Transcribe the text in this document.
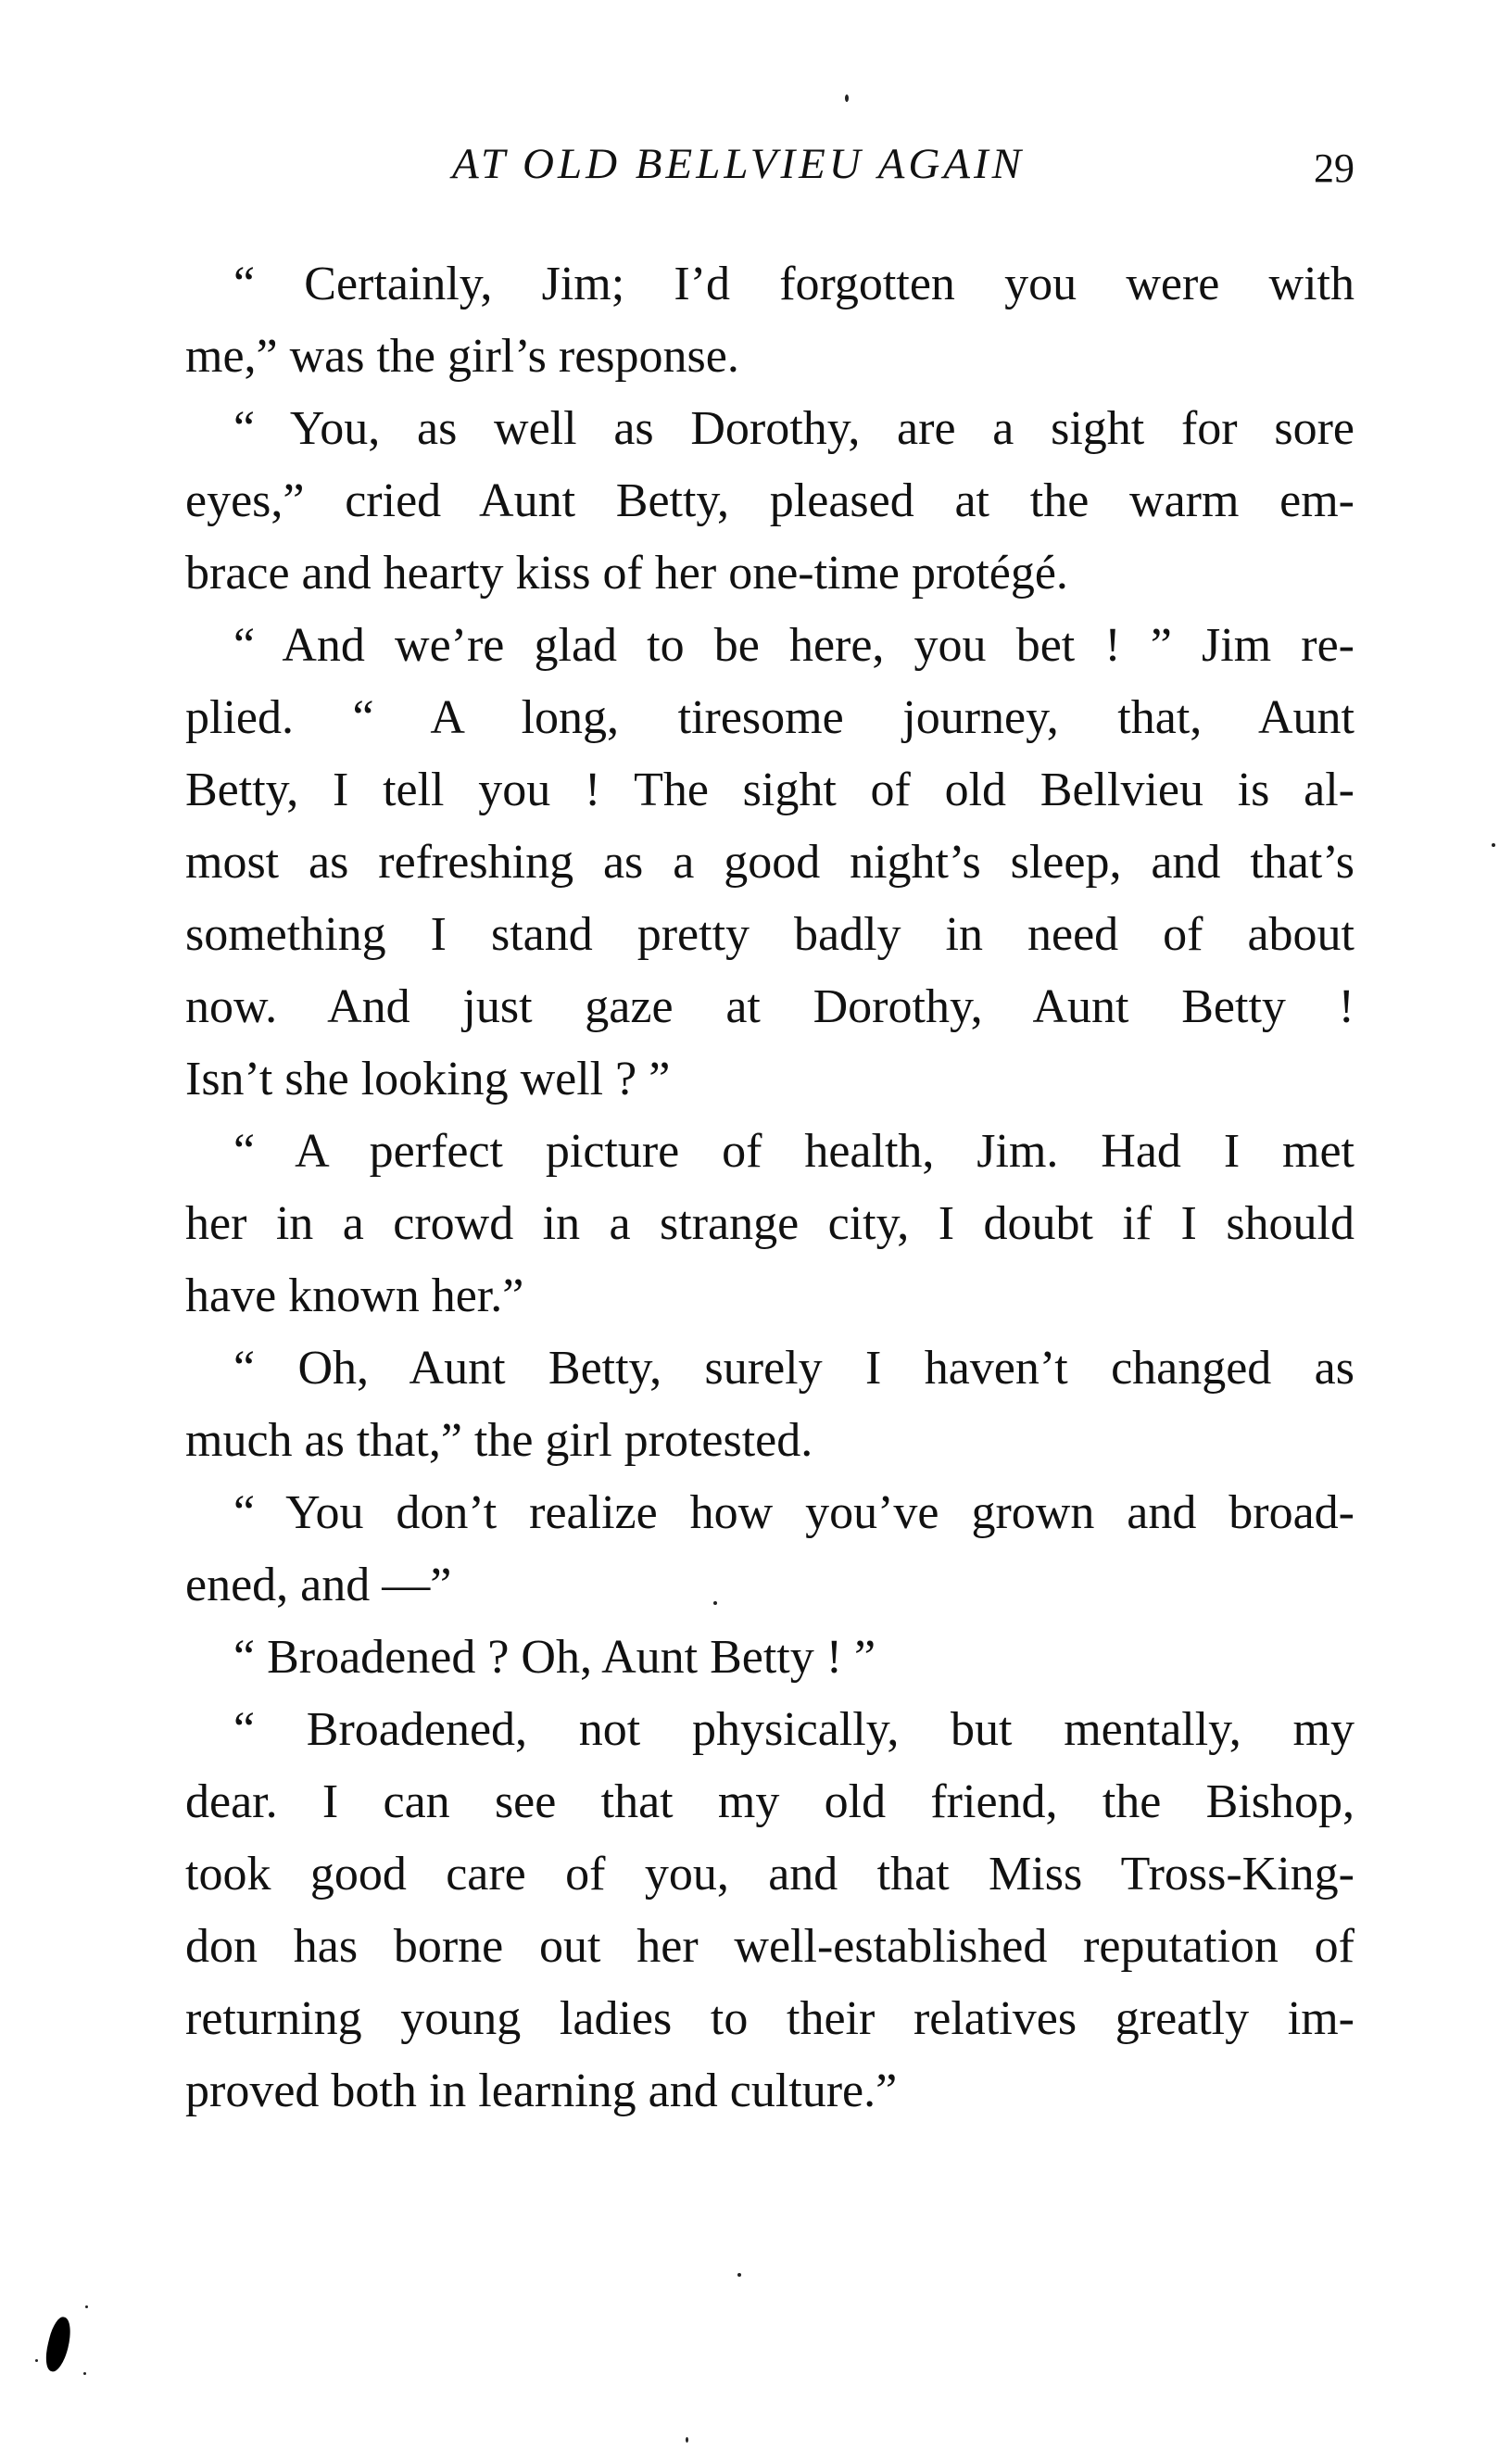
AT OLD BELLVIEU AGAIN	29
“ Certainly, Jim; I’d forgotten you were with
me,” was the girl’s response.
“ You, as well as Dorothy, are a sight for sore
eyes,” cried Aunt Betty, pleased at the warm em-
brace and hearty kiss of her one-time protégé.
“ And we’re glad to be here, you bet ! ” Jim re-
plied. “ A long, tiresome journey, that, Aunt
Betty, I tell you ! The sight of old Bellvieu is al-
most as refreshing as a good night’s sleep, and that’s
something I stand pretty badly in need of about
now. And just gaze at Dorothy, Aunt Betty !
Isn’t she looking well ? ”
“ A perfect picture of health, Jim. Had I met
her in a crowd in a strange city, I doubt if I should
have known her.”
“ Oh, Aunt Betty, surely I haven’t changed as
much as that,” the girl protested.
“ You don’t realize how you’ve grown and broad-
ened, and —”
“ Broadened ? Oh, Aunt Betty ! ”
“ Broadened, not physically, but mentally, my
dear. I can see that my old friend, the Bishop,
took good care of you, and that Miss Tross-King-
don has borne out her well-established reputation of
returning young ladies to their relatives greatly im-
proved both in learning and culture.”
